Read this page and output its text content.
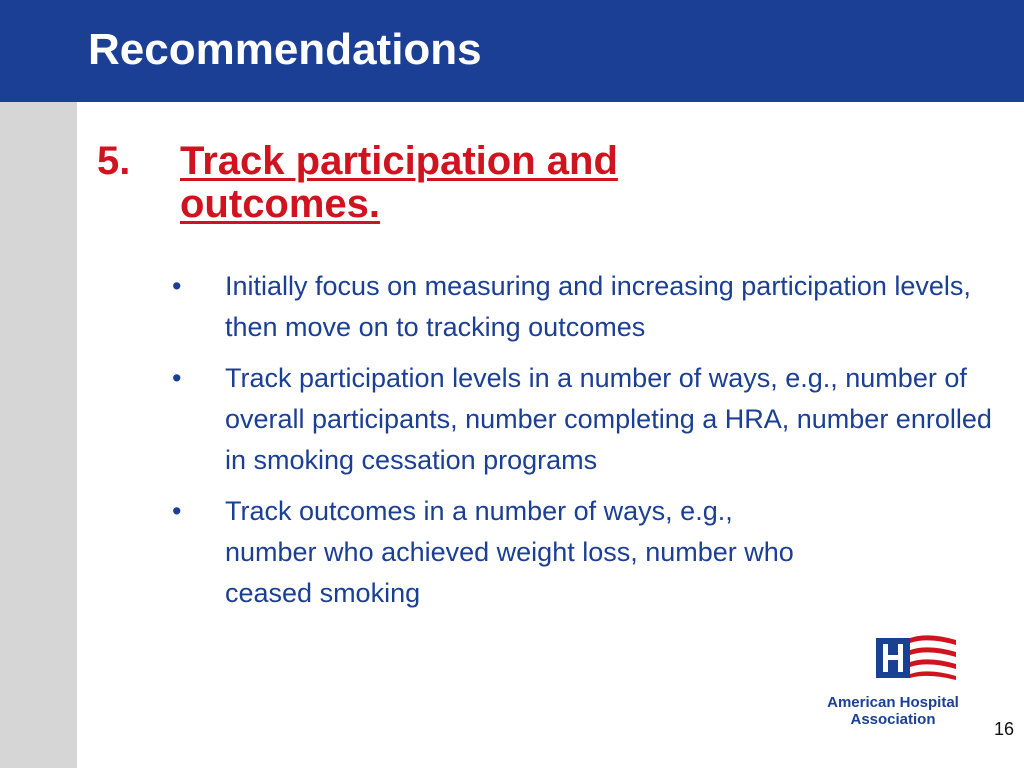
Recommendations
5. Track participation and outcomes.
• Initially focus on measuring and increasing participation levels, then move on to tracking outcomes
• Track participation levels in a number of ways, e.g., number of overall participants, number completing a HRA, number enrolled in smoking cessation programs
• Track outcomes in a number of ways, e.g., number who achieved weight loss, number who ceased smoking
American Hospital
Association	16
